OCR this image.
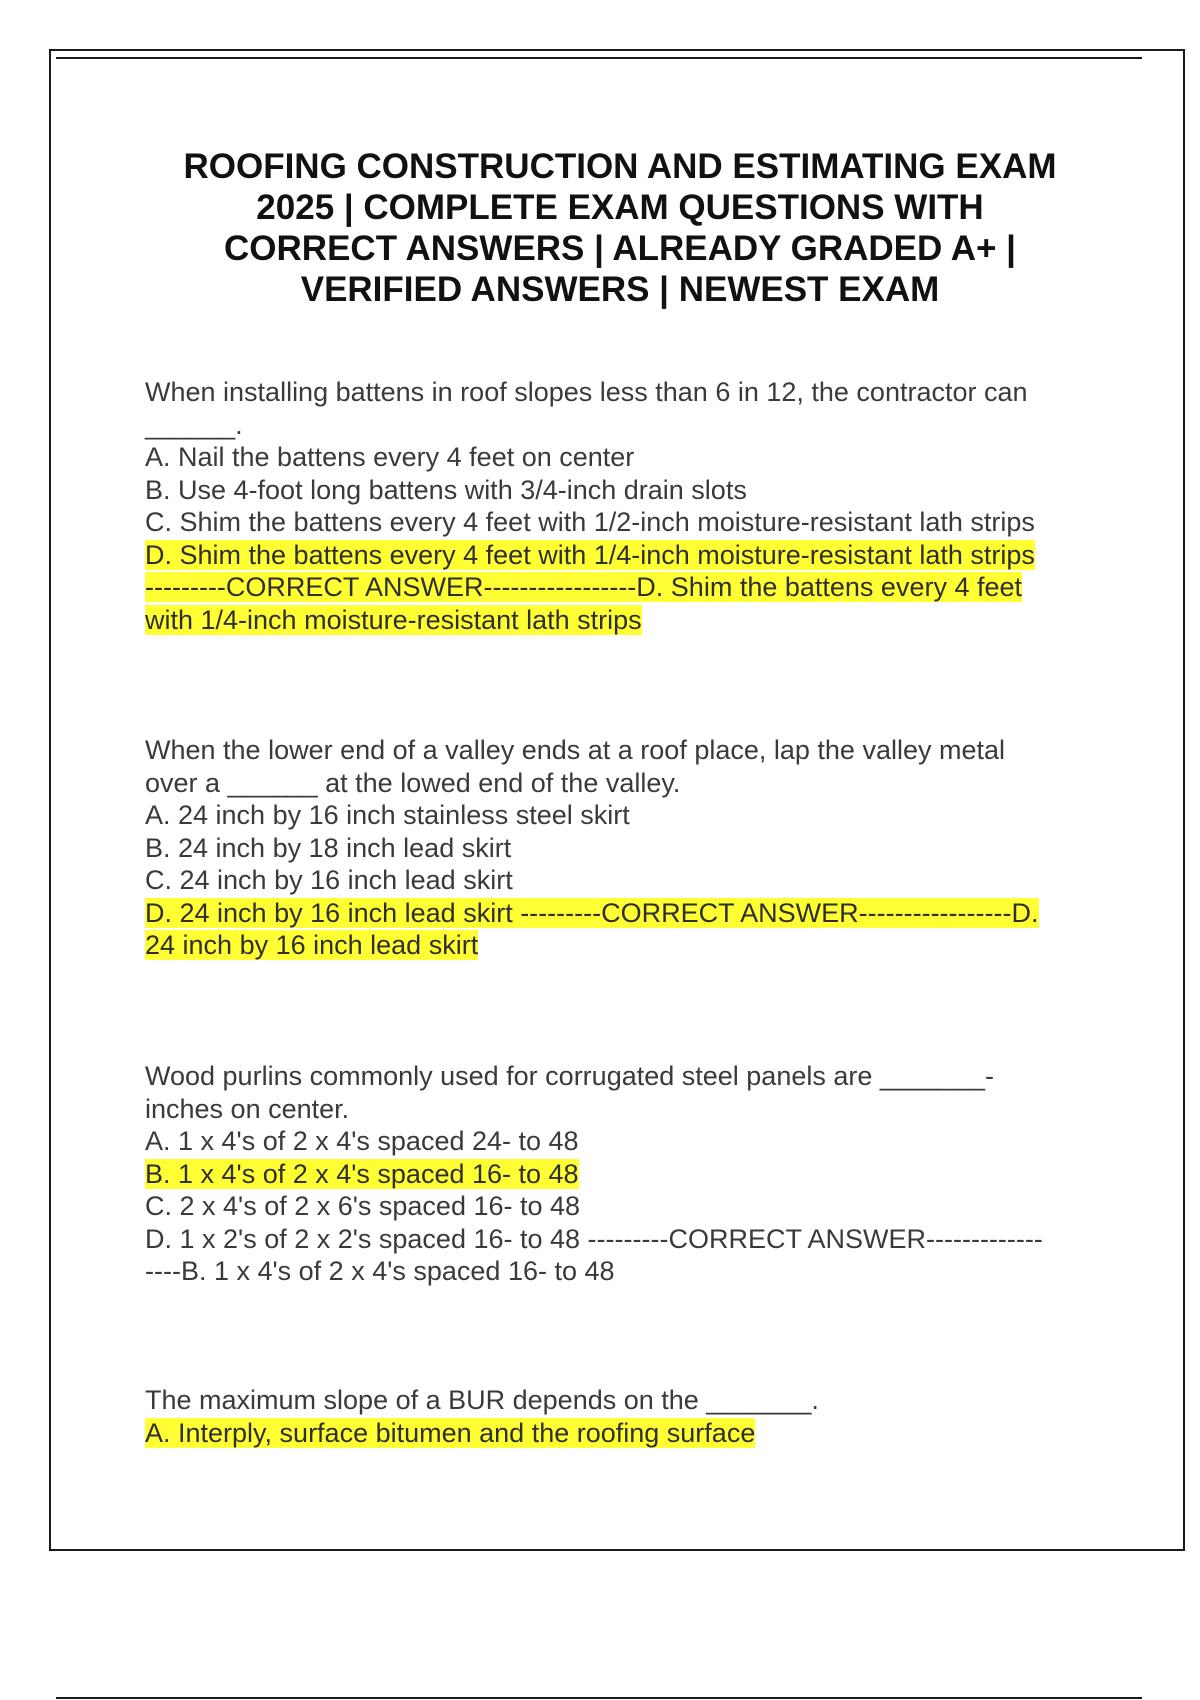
ROOFING CONSTRUCTION AND ESTIMATING EXAM
2025 | COMPLETE EXAM QUESTIONS WITH
CORRECT ANSWERS | ALREADY GRADED A+ |
VERIFIED ANSWERS | NEWEST EXAM
When installing battens in roof slopes less than 6 in 12, the contractor can
______.
A. Nail the battens every 4 feet on center
B. Use 4-foot long battens with 3/4-inch drain slots
C. Shim the battens every 4 feet with 1/2-inch moisture-resistant lath strips
D. Shim the battens every 4 feet with 1/4-inch moisture-resistant lath strips
---------CORRECT ANSWER-----------------D. Shim the battens every 4 feet
with 1/4-inch moisture-resistant lath strips
When the lower end of a valley ends at a roof place, lap the valley metal
over a ______ at the lowed end of the valley.
A. 24 inch by 16 inch stainless steel skirt
B. 24 inch by 18 inch lead skirt
C. 24 inch by 16 inch lead skirt
D. 24 inch by 16 inch lead skirt ---------CORRECT ANSWER-----------------D.
24 inch by 16 inch lead skirt
Wood purlins commonly used for corrugated steel panels are _______-
inches on center.
A. 1 x 4's of 2 x 4's spaced 24- to 48
B. 1 x 4's of 2 x 4's spaced 16- to 48
C. 2 x 4's of 2 x 6's spaced 16- to 48
D. 1 x 2's of 2 x 2's spaced 16- to 48 ---------CORRECT ANSWER-------------
----B. 1 x 4's of 2 x 4's spaced 16- to 48
The maximum slope of a BUR depends on the _______.
A. Interply, surface bitumen and the roofing surface
